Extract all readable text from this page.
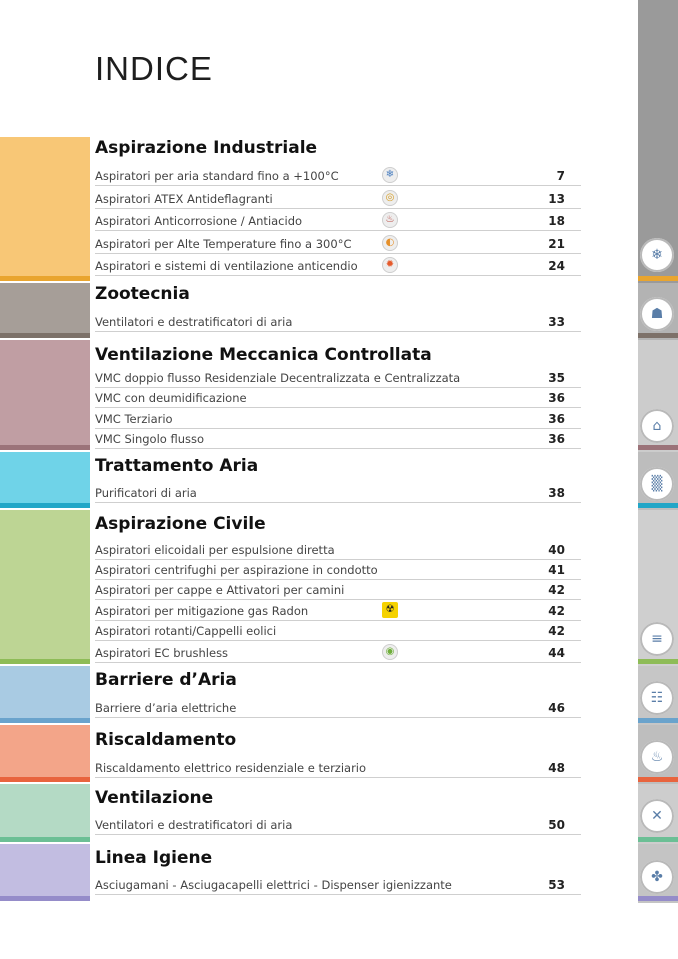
INDICE
Aspirazione Industriale
Aspiratori per aria standard fino a +100°C	❄	7
Aspiratori ATEX Antideflagranti	◎	13
Aspiratori Anticorrosione / Antiacido	♨	18
Aspiratori per Alte Temperature fino a 300°C	◐	21
Aspiratori e sistemi di ventilazione anticendio	✹	24
Zootecnia
Ventilatori e destratificatori di aria	33
Ventilazione Meccanica Controllata
VMC doppio flusso Residenziale Decentralizzata e Centralizzata	35
VMC con deumidificazione	36
VMC Terziario	36
VMC Singolo flusso	36
Trattamento Aria
Purificatori di aria	38
Aspirazione Civile
Aspiratori elicoidali per espulsione diretta	40
Aspiratori centrifughi per aspirazione in condotto	41
Aspiratori per cappe e Attivatori per camini	42
Aspiratori per mitigazione gas Radon	☢	42
Aspiratori rotanti/Cappelli eolici	42
Aspiratori EC brushless	◉	44
Barriere d’Aria
Barriere d’aria elettriche	46
Riscaldamento
Riscaldamento elettrico residenziale e terziario	48
Ventilazione
Ventilatori e destratificatori di aria	50
Linea Igiene
Asciugamani - Asciugacapelli elettrici - Dispenser igienizzante	53
❄
☗
⌂
▒
≡
☷
♨
✕
✤
